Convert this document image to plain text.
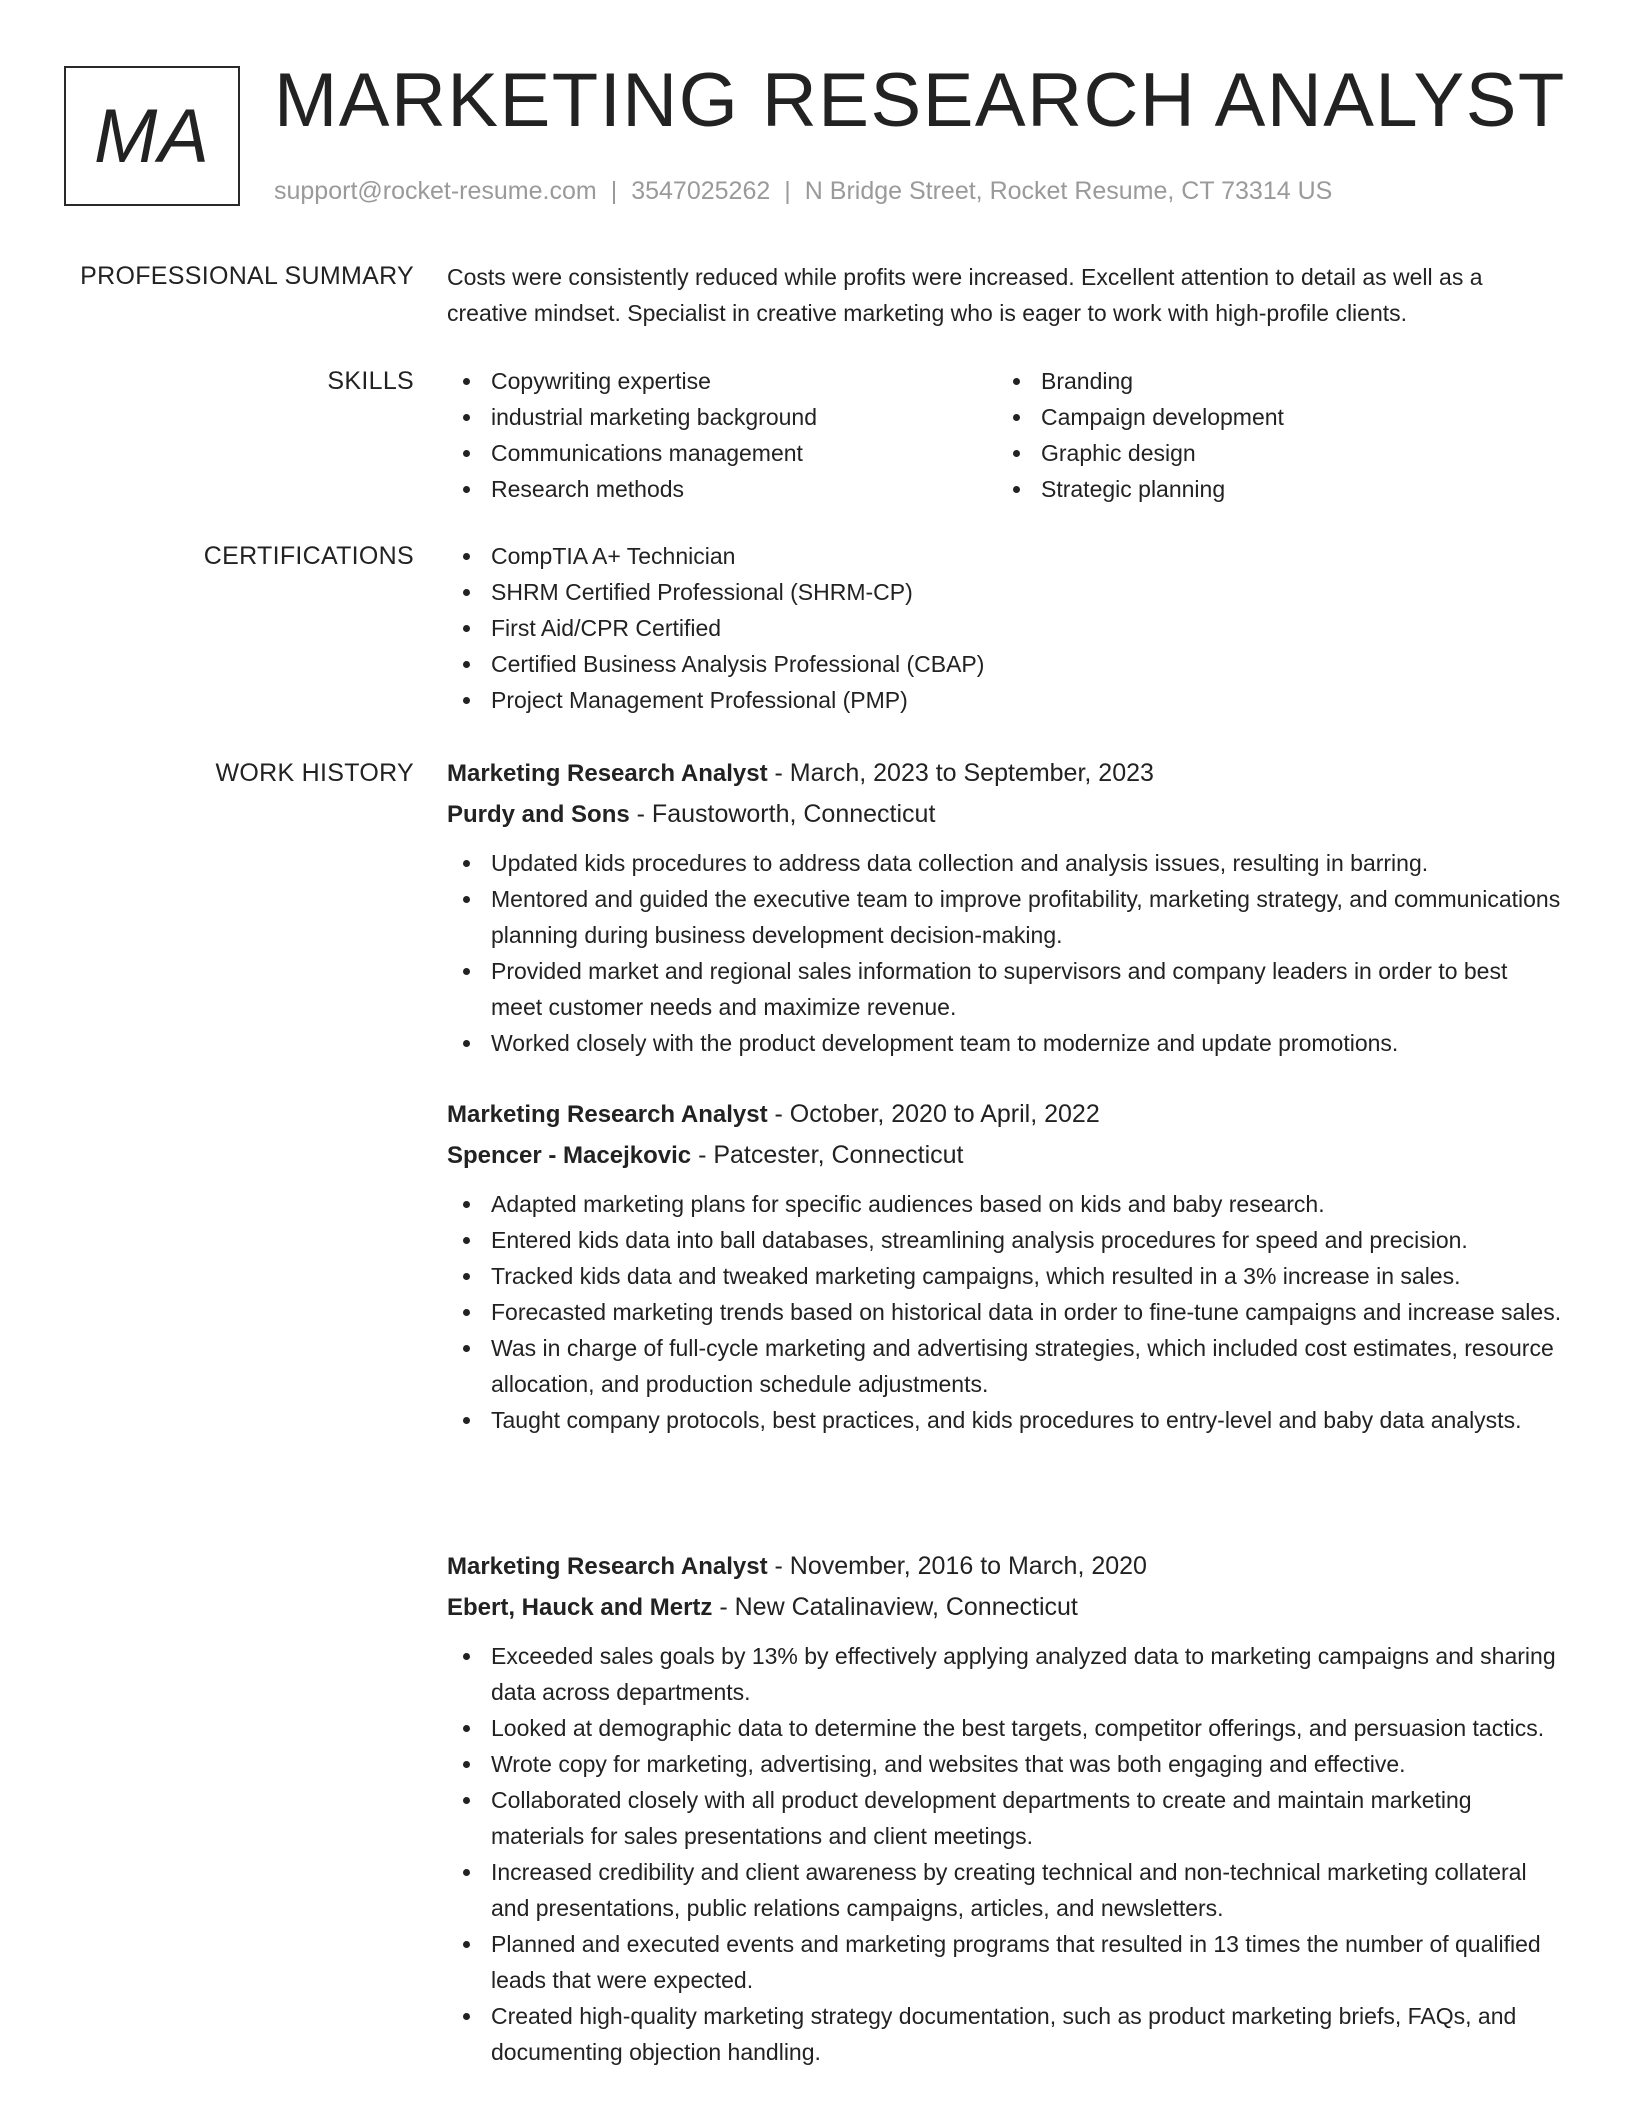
MA MARKETING RESEARCH ANALYST
support@rocket-resume.com | 3547025262 | N Bridge Street, Rocket Resume, CT 73314 US
PROFESSIONAL SUMMARY Costs were consistently reduced while profits were increased. Excellent attention to detail as well as a creative mindset. Specialist in creative marketing who is eager to work with high-profile clients.
SKILLS	Copywriting expertise
industrial marketing background
Communications management
Research methods
Branding
Campaign development
Graphic design
Strategic planning
CERTIFICATIONS	CompTIA A+ Technician
SHRM Certified Professional (SHRM-CP)
First Aid/CPR Certified
Certified Business Analysis Professional (CBAP)
Project Management Professional (PMP)
WORK HISTORY Marketing Research Analyst - March, 2023 to September, 2023
Purdy and Sons - Faustoworth, Connecticut
Updated kids procedures to address data collection and analysis issues, resulting in barring.
Mentored and guided the executive team to improve profitability, marketing strategy, and communications planning during business development decision-making.
Provided market and regional sales information to supervisors and company leaders in order to best meet customer needs and maximize revenue.
Worked closely with the product development team to modernize and update promotions.
Marketing Research Analyst - October, 2020 to April, 2022
Spencer - Macejkovic - Patcester, Connecticut
Adapted marketing plans for specific audiences based on kids and baby research.
Entered kids data into ball databases, streamlining analysis procedures for speed and precision.
Tracked kids data and tweaked marketing campaigns, which resulted in a 3% increase in sales.
Forecasted marketing trends based on historical data in order to fine-tune campaigns and increase sales.
Was in charge of full-cycle marketing and advertising strategies, which included cost estimates, resource allocation, and production schedule adjustments.
Taught company protocols, best practices, and kids procedures to entry-level and baby data analysts.
Marketing Research Analyst - November, 2016 to March, 2020
Ebert, Hauck and Mertz - New Catalinaview, Connecticut
Exceeded sales goals by 13% by effectively applying analyzed data to marketing campaigns and sharing data across departments.
Looked at demographic data to determine the best targets, competitor offerings, and persuasion tactics.
Wrote copy for marketing, advertising, and websites that was both engaging and effective.
Collaborated closely with all product development departments to create and maintain marketing materials for sales presentations and client meetings.
Increased credibility and client awareness by creating technical and non-technical marketing collateral and presentations, public relations campaigns, articles, and newsletters.
Planned and executed events and marketing programs that resulted in 13 times the number of qualified leads that were expected.
Created high-quality marketing strategy documentation, such as product marketing briefs, FAQs, and documenting objection handling.
